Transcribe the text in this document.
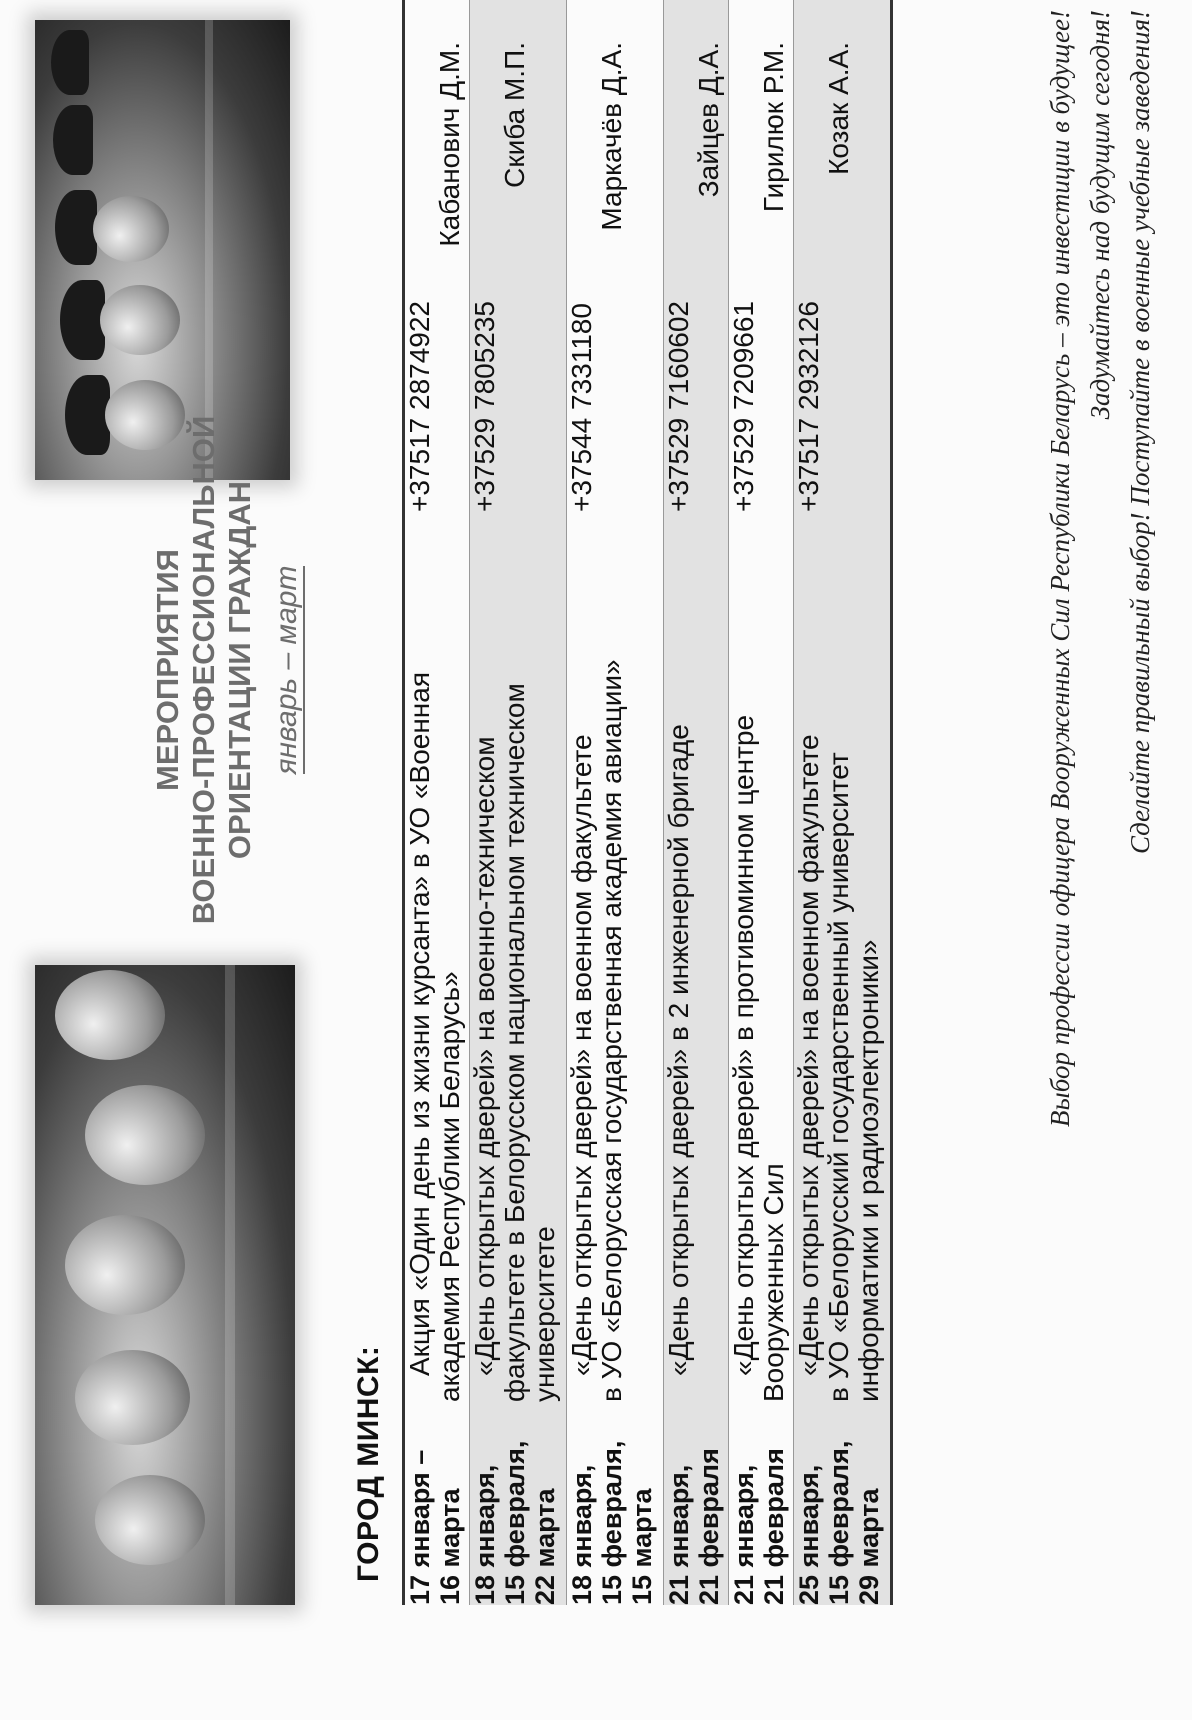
МЕРОПРИЯТИЯ ВОЕННО-ПРОФЕССИОНАЛЬНОЙ ОРИЕНТАЦИИ ГРАЖДАН январь – март
ГОРОД МИНСК: 17 января – 16 марта
Акция «Один день из жизни курсанта» в УО «Военная академия Республики Беларусь»
+37517 2874922
Кабанович Д.М.
18 января, 15 февраля, 22 марта
«День открытых дверей» на военно-техническом факультете в Белорусском национальном техническом университете
+37529 7805235
Скиба М.П.
18 января, 15 февраля, 15 марта
«День открытых дверей» на военном факультете в УО «Белорусская государственная академия авиации»
+37544 7331180
Маркачёв Д.А.
21 января, 21 февраля
«День открытых дверей» в 2 инженерной бригаде
+37529 7160602
Зайцев Д.А.
21 января, 21 февраля
«День открытых дверей» в противоминном центре Вооруженных Сил
+37529 7209661
Гирилюк Р.М.
25 января, 15 февраля, 29 марта
«День открытых дверей» на военном факультете в УО «Белорусский государственный университет информатики и радиоэлектроники»
+37517 2932126
Козак А.А.	Выбор профессии офицера Вооруженных Сил Республики Беларусь – это инвестиции в будущее! Задумайтесь над будущим сегодня! Сделайте правильный выбор! Поступайте в военные учебные заведения!
